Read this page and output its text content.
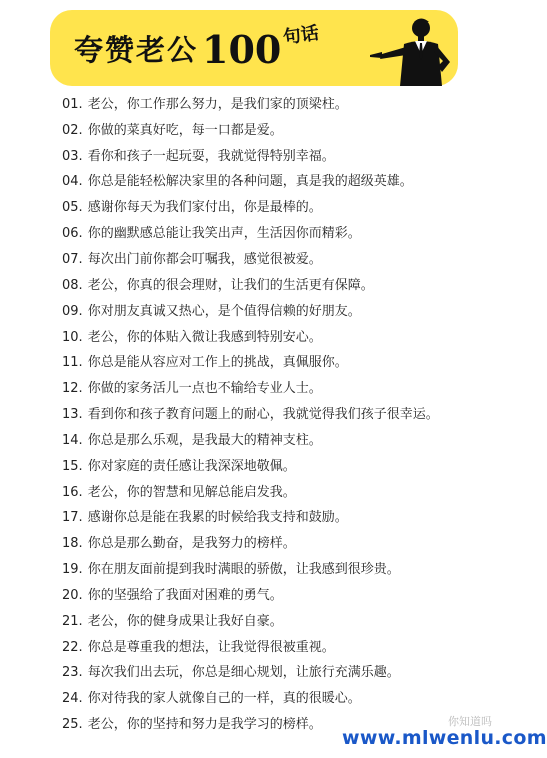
夸赞老公 100 句话
01. 老公，你工作那么努力，是我们家的顶梁柱。
02. 你做的菜真好吃，每一口都是爱。
03. 看你和孩子一起玩耍，我就觉得特别幸福。
04. 你总是能轻松解决家里的各种问题，真是我的超级英雄。
05. 感谢你每天为我们家付出，你是最棒的。
06. 你的幽默感总能让我笑出声，生活因你而精彩。
07. 每次出门前你都会叮嘱我，感觉很被爱。
08. 老公，你真的很会理财，让我们的生活更有保障。
09. 你对朋友真诚又热心，是个值得信赖的好朋友。
10. 老公，你的体贴入微让我感到特别安心。
11. 你总是能从容应对工作上的挑战，真佩服你。
12. 你做的家务活儿一点也不输给专业人士。
13. 看到你和孩子教育问题上的耐心，我就觉得我们孩子很幸运。
14. 你总是那么乐观，是我最大的精神支柱。
15. 你对家庭的责任感让我深深地敬佩。
16. 老公，你的智慧和见解总能启发我。
17. 感谢你总是能在我累的时候给我支持和鼓励。
18. 你总是那么勤奋，是我努力的榜样。
19. 你在朋友面前提到我时满眼的骄傲，让我感到很珍贵。
20. 你的坚强给了我面对困难的勇气。
21. 老公，你的健身成果让我好自豪。
22. 你总是尊重我的想法，让我觉得很被重视。
23. 每次我们出去玩，你总是细心规划，让旅行充满乐趣。
24. 你对待我的家人就像自己的一样，真的很暖心。
25. 老公，你的坚持和努力是我学习的榜样。	你知道吗
www.mlwenlu.com
